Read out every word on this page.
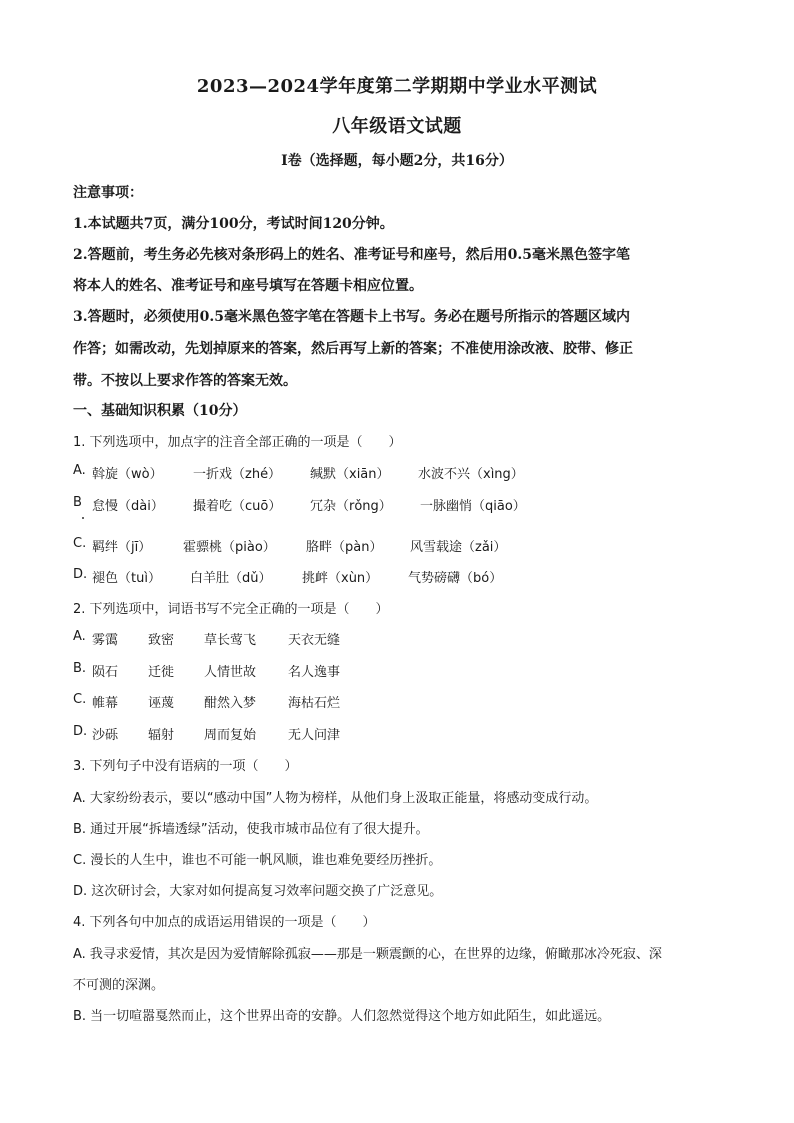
2023—2024学年度第二学期期中学业水平测试
八年级语文试题
Ⅰ卷（选择题，每小题2分，共16分）
注意事项：
1.本试题共7页，满分100分，考试时间120分钟。
2.答题前，考生务必先核对条形码上的姓名、准考证号和座号，然后用0.5毫米黑色签字笔
将本人的姓名、准考证号和座号填写在答题卡相应位置。
3.答题时，必须使用0.5毫米黑色签字笔在答题卡上书写。务必在题号所指示的答题区域内
作答；如需改动，先划掉原来的答案，然后再写上新的答案；不准使用涂改液、胶带、修正
带。不按以上要求作答的答案无效。
一、基础知识积累（10分）
1. 下列选项中，加点字的注音全部正确的一项是（　　）
A. 斡旋（wò） 一折戏（zhé） 缄默（xiān） 水波不兴（xìng）
B 怠慢（dài） 撮着吃（cuō） 冗杂（rǒng） 一脉幽悄（qiāo）
C. 羁绊（jī） 霍骠桃（piào） 胳畔（pàn） 风雪载途（zǎi）
D. 褪色（tuì） 白羊肚（dǔ） 挑衅（xùn） 气势磅礴（bó）
2. 下列选项中，词语书写不完全正确的一项是（　　）
A. 雾霭 致密 草长莺飞 天衣无缝
B. 陨石 迁徙 人情世故 名人逸事
C. 帷幕 诬蔑 酣然入梦 海枯石烂
D. 沙砾 辐射 周而复始 无人问津
3. 下列句子中没有语病的一项（　　）
A. 大家纷纷表示，要以“感动中国”人物为榜样，从他们身上汲取正能量，将感动变成行动。
B. 通过开展“拆墙透绿”活动，使我市城市品位有了很大提升。
C. 漫长的人生中，谁也不可能一帆风顺，谁也难免要经历挫折。
D. 这次研讨会，大家对如何提高复习效率问题交换了广泛意见。
4. 下列各句中加点的成语运用错误的一项是（　　）
A. 我寻求爱情，其次是因为爱情解除孤寂——那是一颗震颤的心，在世界的边缘，俯瞰那冰冷死寂、深
不可测的深渊。
B. 当一切喧嚣戛然而止，这个世界出奇的安静。人们忽然觉得这个地方如此陌生，如此遥远。
